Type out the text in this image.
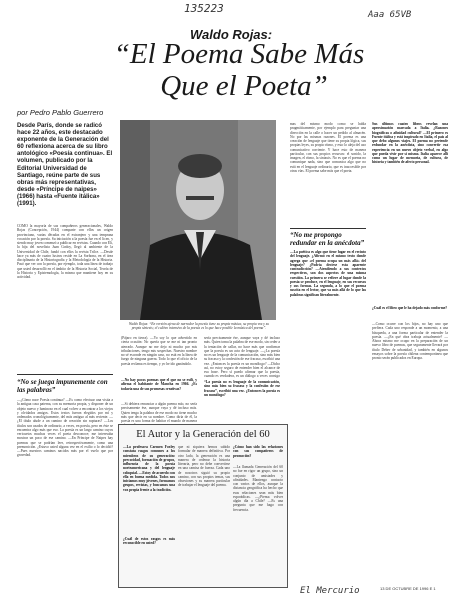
135223	Aaa 65VB
Waldo Rojas:
“El Poema Sabe Más
Que el Poeta”
por Pedro Pablo Guerrero
Desde París, donde se radicó hace 22 años, este destacado exponente de la Generación del 60 reflexiona acerca de su libro antológico «Poesía continua». El volumen, publicado por la Editorial Universidad de Santiago, reúne parte de sus obras más representativas, desde «Príncipe de naipes» (1966) hasta «Fuente itálica» (1991).
Waldo Rojas: “En versión ajena de narrador la poesía tiene su propia música, su propia voz y su propia síntesis; el cultivo intensivo de la poesía es lo que hace posible la música del poema”.
COMO la mayoría de sus compañeros generacionales, Waldo Rojas (Concepción, 1944) comparte con ellos un origen provinciano, varias décadas en el extranjero y una temprana vocación por la poesía. Su iniciación a la poesía fue en el liceo, y siendo muy joven comenzó a publicar en revistas. Cuando con Eli, la hija del novelista Juan Godoy, llegó al ambiente de la Universidad de Chile, fundó con ellos la revista Trilce. —Desde hace ya más de cuatro lustros reside en La Sorbona, en el área disciplinaria de la Historiografía y la Metodología de la Historia. Pasó que ver con la poesía, por ejemplo, toda una línea de trabajo que usted desarrolló en el ámbito de la Historia Social, Teoría de la Historia y Epistemología, la misma que mantiene hoy en su actividad.
“No se juega impunemente con las palabras”
—¿Cómo nace Poesía continua? —Es como efectuar una visita a la antigua casa paterna, con su memoria propia, y disponer de un objeto nuevo y luminoso en el cual volver a encontrar a los viejos y olvidados amigos. Estos textos fueron elegidos por mí y ordenados cronológicamente, del más antiguo al más reciente. —¿El título alude a un camino de creación sin rupturas? —Los títulos son usados de ordinario, a veces, en poesía, pero en éste se encuentra algo más que eso. La poesía es un largo camino cuyos vericuetos muchas veces el poeta desconoce; me interesaba mostrar un poco de ese camino. —En Príncipe de Naipes hay poemas que se podrían leer, retrospectivamente, como una premonición. ¿Estuvo usted alguna vez en el exilio o lo decidió? —Pues nuestros caminos nacidos más por el vuelo que por gravedad.
(Pájaro en tierra). —Yo soy lo que advertido en cierta ocasión: No quería que se me ni tan pronto aterrado. Aunque no me dejo ni mucho por mis tribulaciones, tengo mis sospechas. Nuestro nombre no sé esconde en ningún caso, no está en la línea de fuego de ninguna guerra. Todo lo que el oficio de la poesía reclama es tiempo, y yo he ido ganándolo.
—No hay pocos poemas que el que no se exili, y afirma el habitante de Mancha en 1966. ¿Es todavía una de sus promesas creativas?
—Si debiera renunciar a algún poema mío, no sería precisamente ése, aunque vaya y dé incluso más. Quien tenga la palabra de ese modo no tiene mucho más que decir en su nombre. Como diría de él, la poesía es una forma de habitar el mundo de manera
sería precisamente ése, aunque vaya y dé incluso más. Quien toma la palabra de ese modo, sin ceder a la tentación de callar, no hace más que confirmar que la poesía es un acto de lenguaje. —¿La poesía no es un lenguaje de la comunicación, sino más bien su fracaso y la confesión de ese fracaso, escribió una vez. ¿Entonces la poesía es un monólogo? —Dicho así, no estoy seguro de entender bien el alcance de esa frase. Pero sí puedo afirmar que la poesía, cuando es verdadera, es un diálogo a veces consigo
“La poesía no es lenguaje de la comunicación, sino más bien su fracaso y la confesión de ese fracaso”, escribió una vez. ¿Entonces la poesía es un monólogo?
El Autor y la Generación del 60
—La profesora Carmen Foxley constata rasgos comunes a los miembros de su generación: precocidad, formación de grupos, influencia de la poesía norteamericana y del lenguaje coloquial. —Estoy de acuerdo con ella en buena medida. Todos nos iniciamos muy jóvenes, formamos grupos, revistas, y buscamos una voz propia frente a la tradición.
¿Cuál de estos rasgos es más reconocible en usted?
que ni siquiera hemos sabido formular de manera definitiva. Por otro lado, la generación es una manera de ordenar la historia literaria, pero no debe convertirse en una camisa de fuerza. Cada uno de nosotros siguió su propio camino, con sus propios temas, sus obsesiones y su manera particular de trabajar el lenguaje del poema.
¿Cómo han sido las relaciones con sus compañeros de promoción?
—La llamada Generación del 60 no fue en rigor un grupo, sino un conjunto de amistades y afinidades. Mantengo contacto con varios de ellos, aunque la distancia geográfica ha hecho que esas relaciones sean más bien esporádicas. —¿Piensa volver algún día a Chile? —Es una pregunta que me hago con frecuencia.
mas del mismo modo como se habla pragmáticamente, por ejemplo para preguntar una dirección en la calle o hacer un pedido al almacén. No por las mismas razones. El poema es una creación de lenguaje que tiene su propia lógica, sus propias leyes, su propio ritmo, y esto lo aleja del uso comunicativo corriente. Y hace esto de manera particular, con sus propios recursos: el sonido, la imagen, el ritmo, la sintaxis. No es que el poema no comunique nada, sino que comunica algo que no está en el lenguaje ordinario, que es inaccesible por otras vías. El poema sabe más que el poeta.
“No me propongo redundar en la anécdota”
—La poética es algo que tiene lugar en el recinto del lenguaje. ¿Afirmó en el mismo texto donde agrega que «el poema ocupa un más allá» del lenguaje? ¿Podría decirse esta aparente contradicción? —Atendiendo a sus contextos respectivos, son dos aspectos de una misma cuestión. La primera se refiere al lugar donde la poesía se produce, en el lenguaje, en sus recursos y sus formas. La segunda, a lo que el poema suscita en el lector, que va más allá de lo que las palabras significan literalmente.
Sus últimos cuatro libros revelan una aproximación marcada a Italia. ¿Razones biográficas o afinidad cultural? —El primero es Fuente itálica y está inspirado en Italia, el país al que debo algunos viajes. El poema no pretende redundar en la anécdota, sino convertir esa experiencia en un nuevo objeto verbal, en algo que pueda vivir por sí mismo. Italia aparece allí como un lugar de memoria, de cultura, de historia y también de afecto personal.
¿Cuál es el libro que le ha dejado más conforme?
—Como ocurre con los hijos, no hay uno que prefiera. Cada uno responde a un momento, a una búsqueda, a una forma particular de entender la poesía. —¿En qué obra trabaja actualmente? —Ahora mismo me ocupo en la preparación de un nuevo libro de poemas, que seguramente llevará por título Deber de urbanidad, y también en algunos ensayos sobre la poesía chilena contemporánea que pronto serán publicados en Europa.
13 DE OCTUBRE DE 1996 E 1
El Mercurio
